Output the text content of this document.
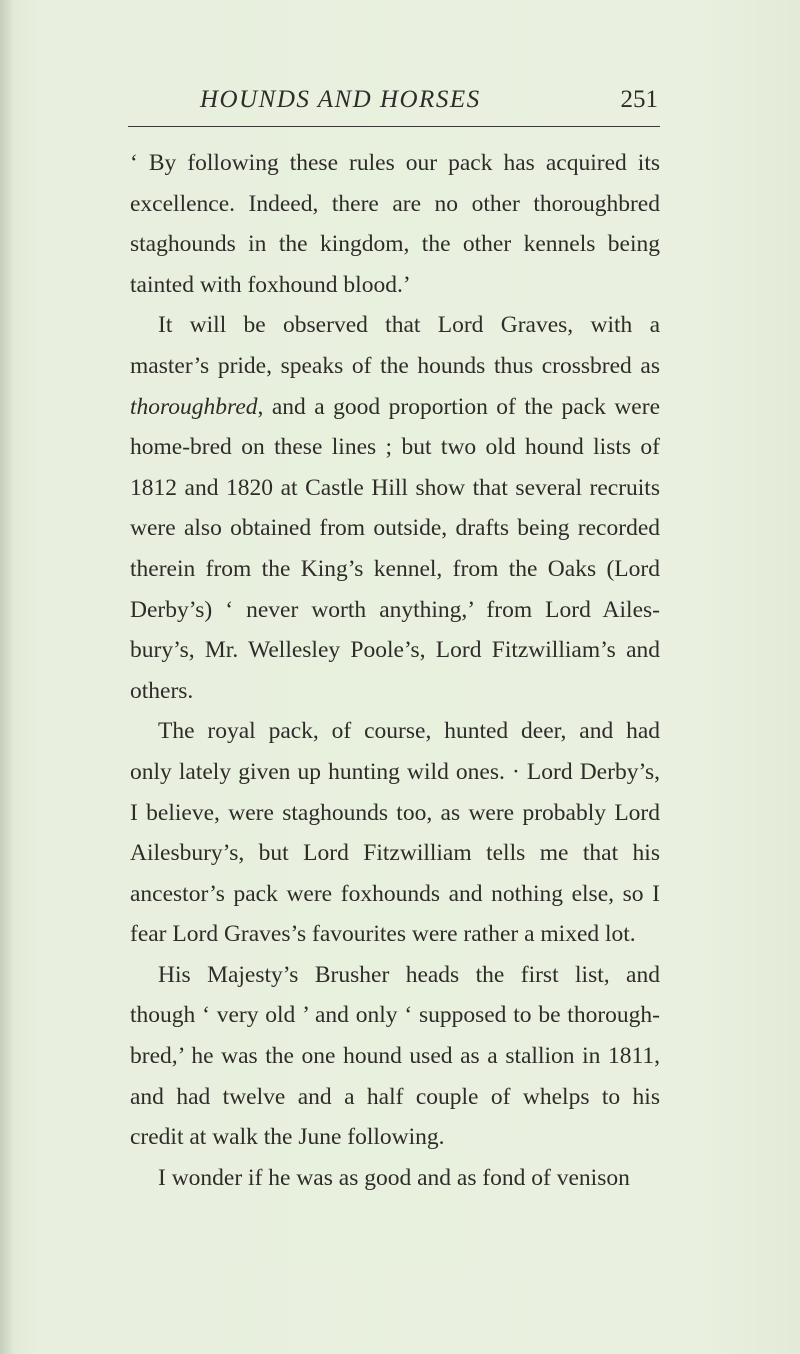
HOUNDS AND HORSES	251
‘ By following these rules our pack has acquired its
excellence. Indeed, there are no other thoroughbred
staghounds in the kingdom, the other kennels being
tainted with foxhound blood.’
It will be observed that Lord Graves, with a
master’s pride, speaks of the hounds thus crossbred as
thoroughbred, and a good proportion of the pack were
home-bred on these lines ; but two old hound lists of
1812 and 1820 at Castle Hill show that several recruits
were also obtained from outside, drafts being recorded
therein from the King’s kennel, from the Oaks (Lord
Derby’s) ‘ never worth anything,’ from Lord Ailes-
bury’s, Mr. Wellesley Poole’s, Lord Fitzwilliam’s and
others.
The royal pack, of course, hunted deer, and had
only lately given up hunting wild ones. · Lord Derby’s,
I believe, were staghounds too, as were probably Lord
Ailesbury’s, but Lord Fitzwilliam tells me that his
ancestor’s pack were foxhounds and nothing else, so I
fear Lord Graves’s favourites were rather a mixed lot.
His Majesty’s Brusher heads the first list, and
though ‘ very old ’ and only ‘ supposed to be thorough-
bred,’ he was the one hound used as a stallion in 1811,
and had twelve and a half couple of whelps to his
credit at walk the June following.
I wonder if he was as good and as fond of venison
